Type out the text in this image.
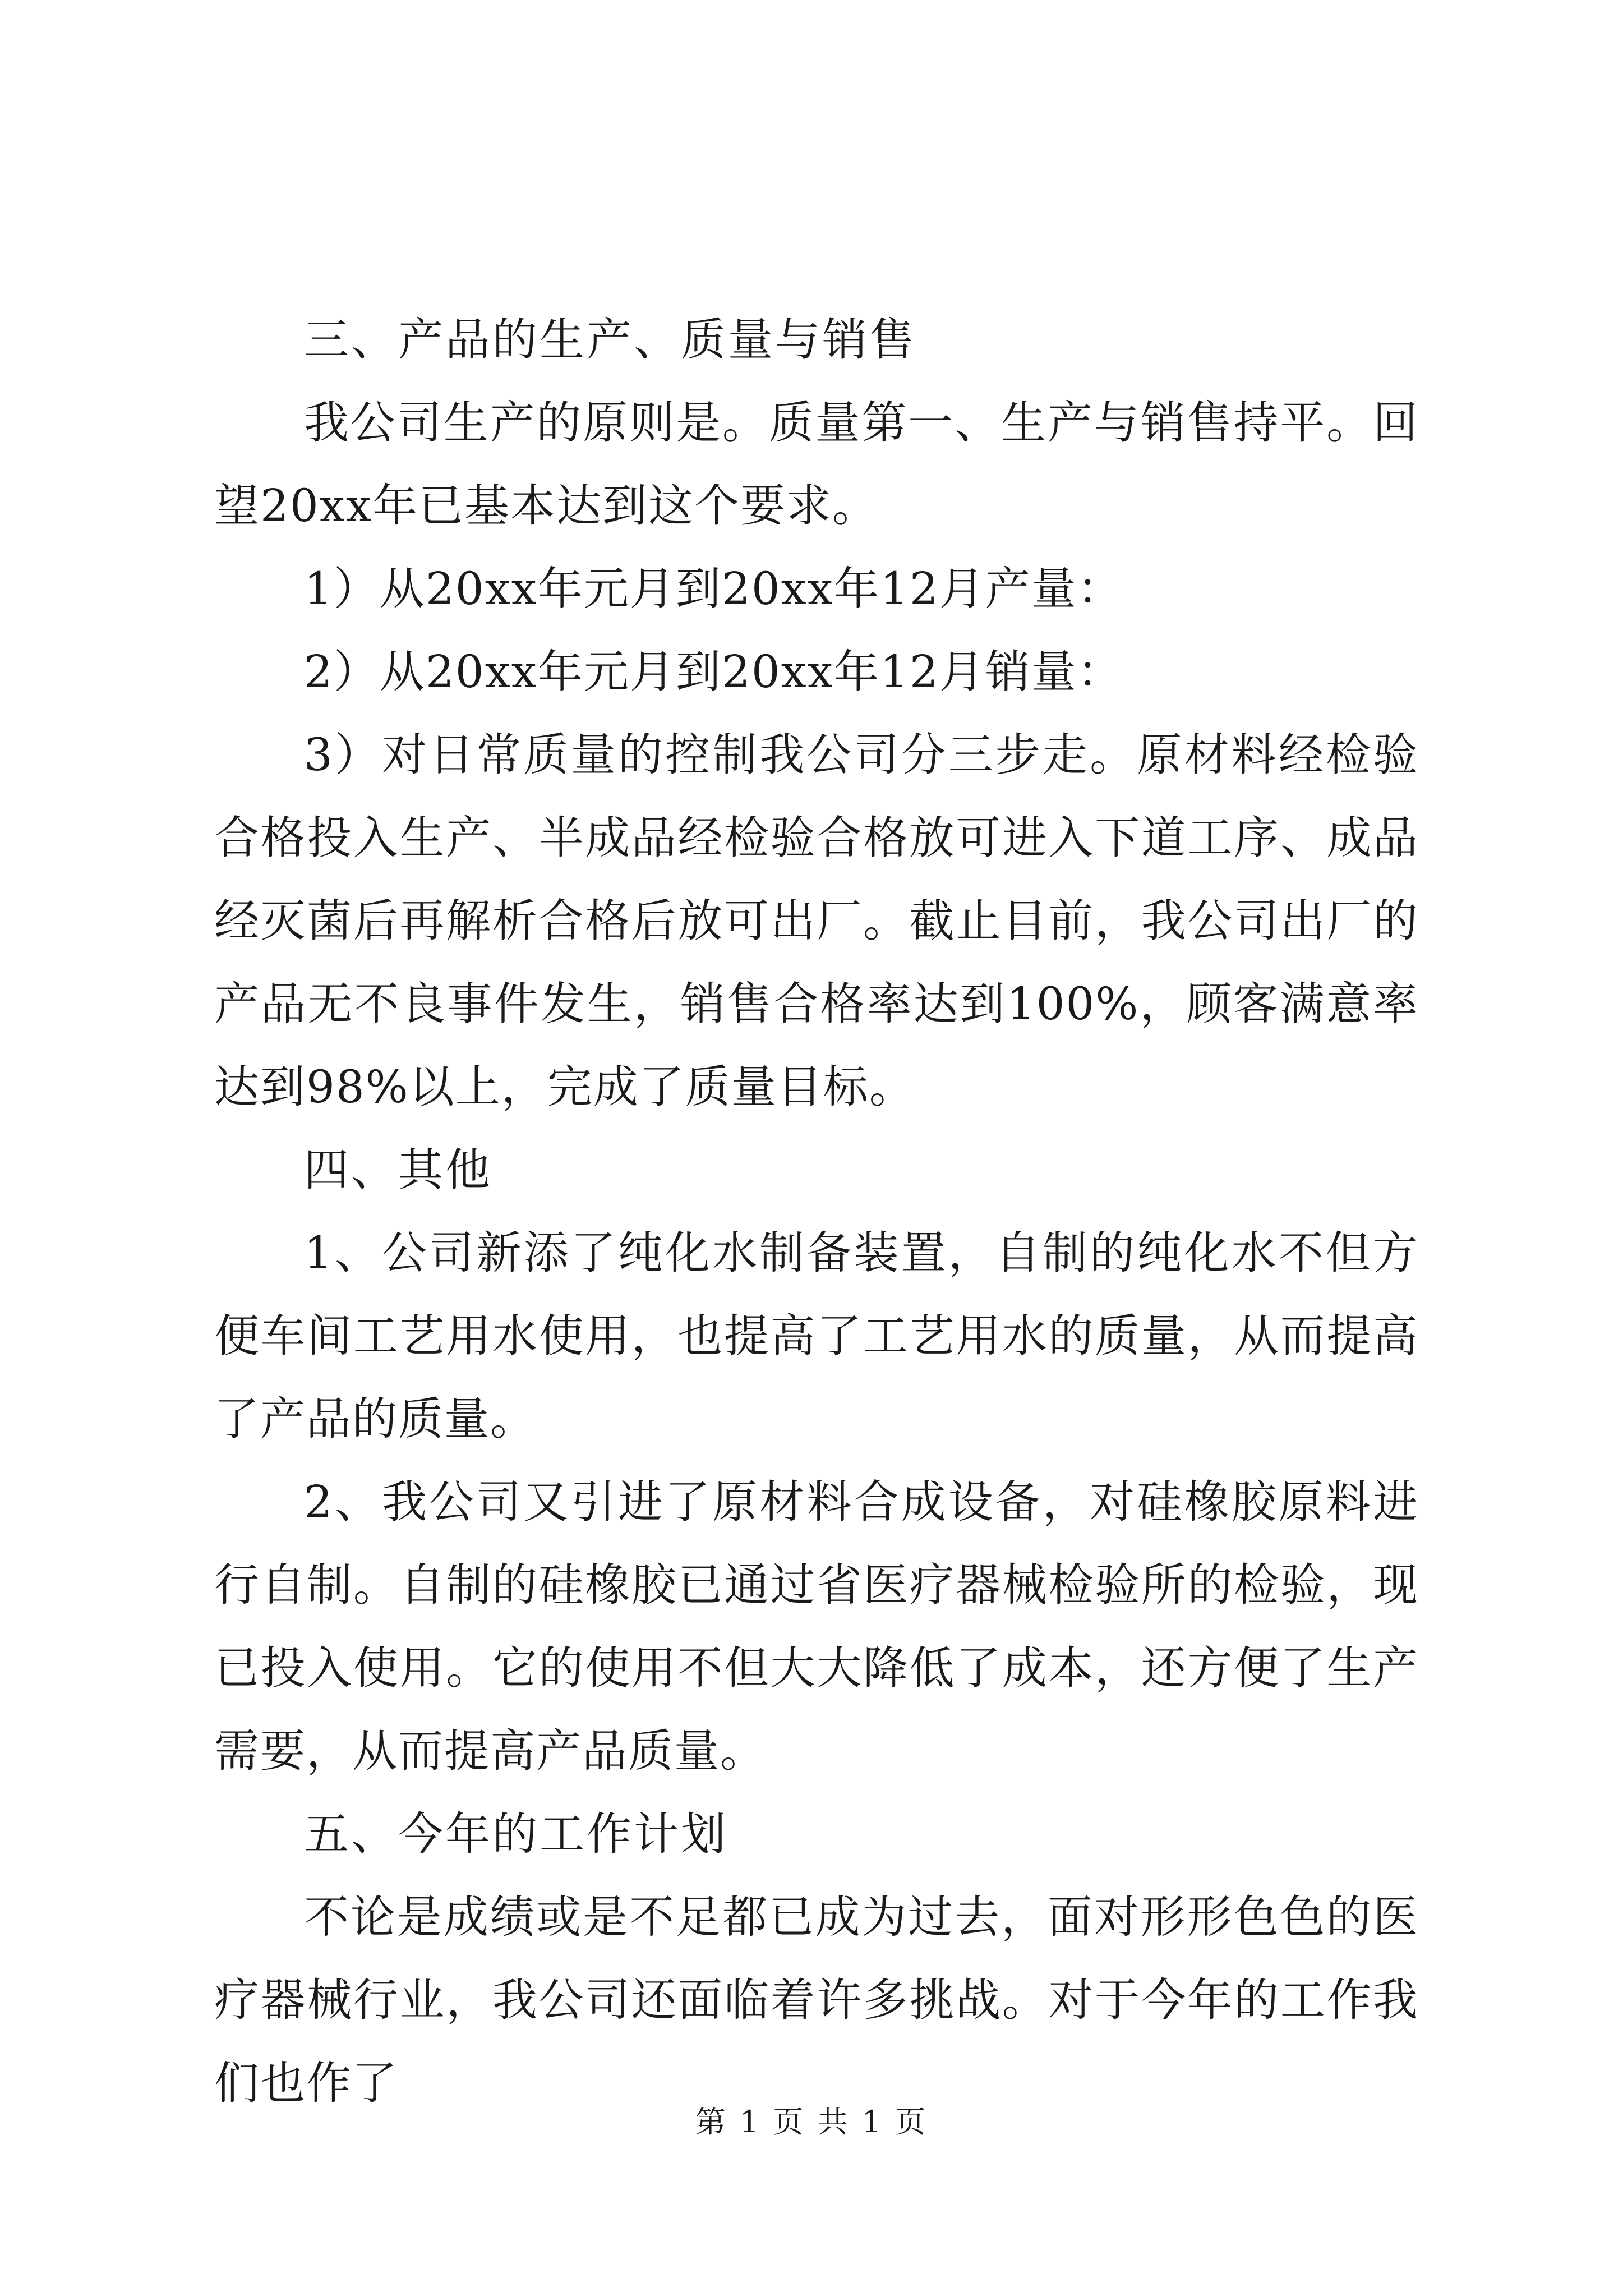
三、产品的生产、质量与销售

我公司生产的原则是。质量第一、生产与销售持平。回望20xx年已基本达到这个要求。

1）从20xx年元月到20xx年12月产量：

2）从20xx年元月到20xx年12月销量：

3）对日常质量的控制我公司分三步走。原材料经检验合格投入生产、半成品经检验合格放可进入下道工序、成品经灭菌后再解析合格后放可出厂。截止目前，我公司出厂的产品无不良事件发生，销售合格率达到100%，顾客满意率达到98%以上，完成了质量目标。

四、其他

1、公司新添了纯化水制备装置，自制的纯化水不但方便车间工艺用水使用，也提高了工艺用水的质量，从而提高了产品的质量。

2、我公司又引进了原材料合成设备，对硅橡胶原料进行自制。自制的硅橡胶已通过省医疗器械检验所的检验，现已投入使用。它的使用不但大大降低了成本，还方便了生产需要，从而提高产品质量。

五、今年的工作计划

不论是成绩或是不足都已成为过去，面对形形色色的医疗器械行业，我公司还面临着许多挑战。对于今年的工作我们也作了

第 1 页 共 1 页
